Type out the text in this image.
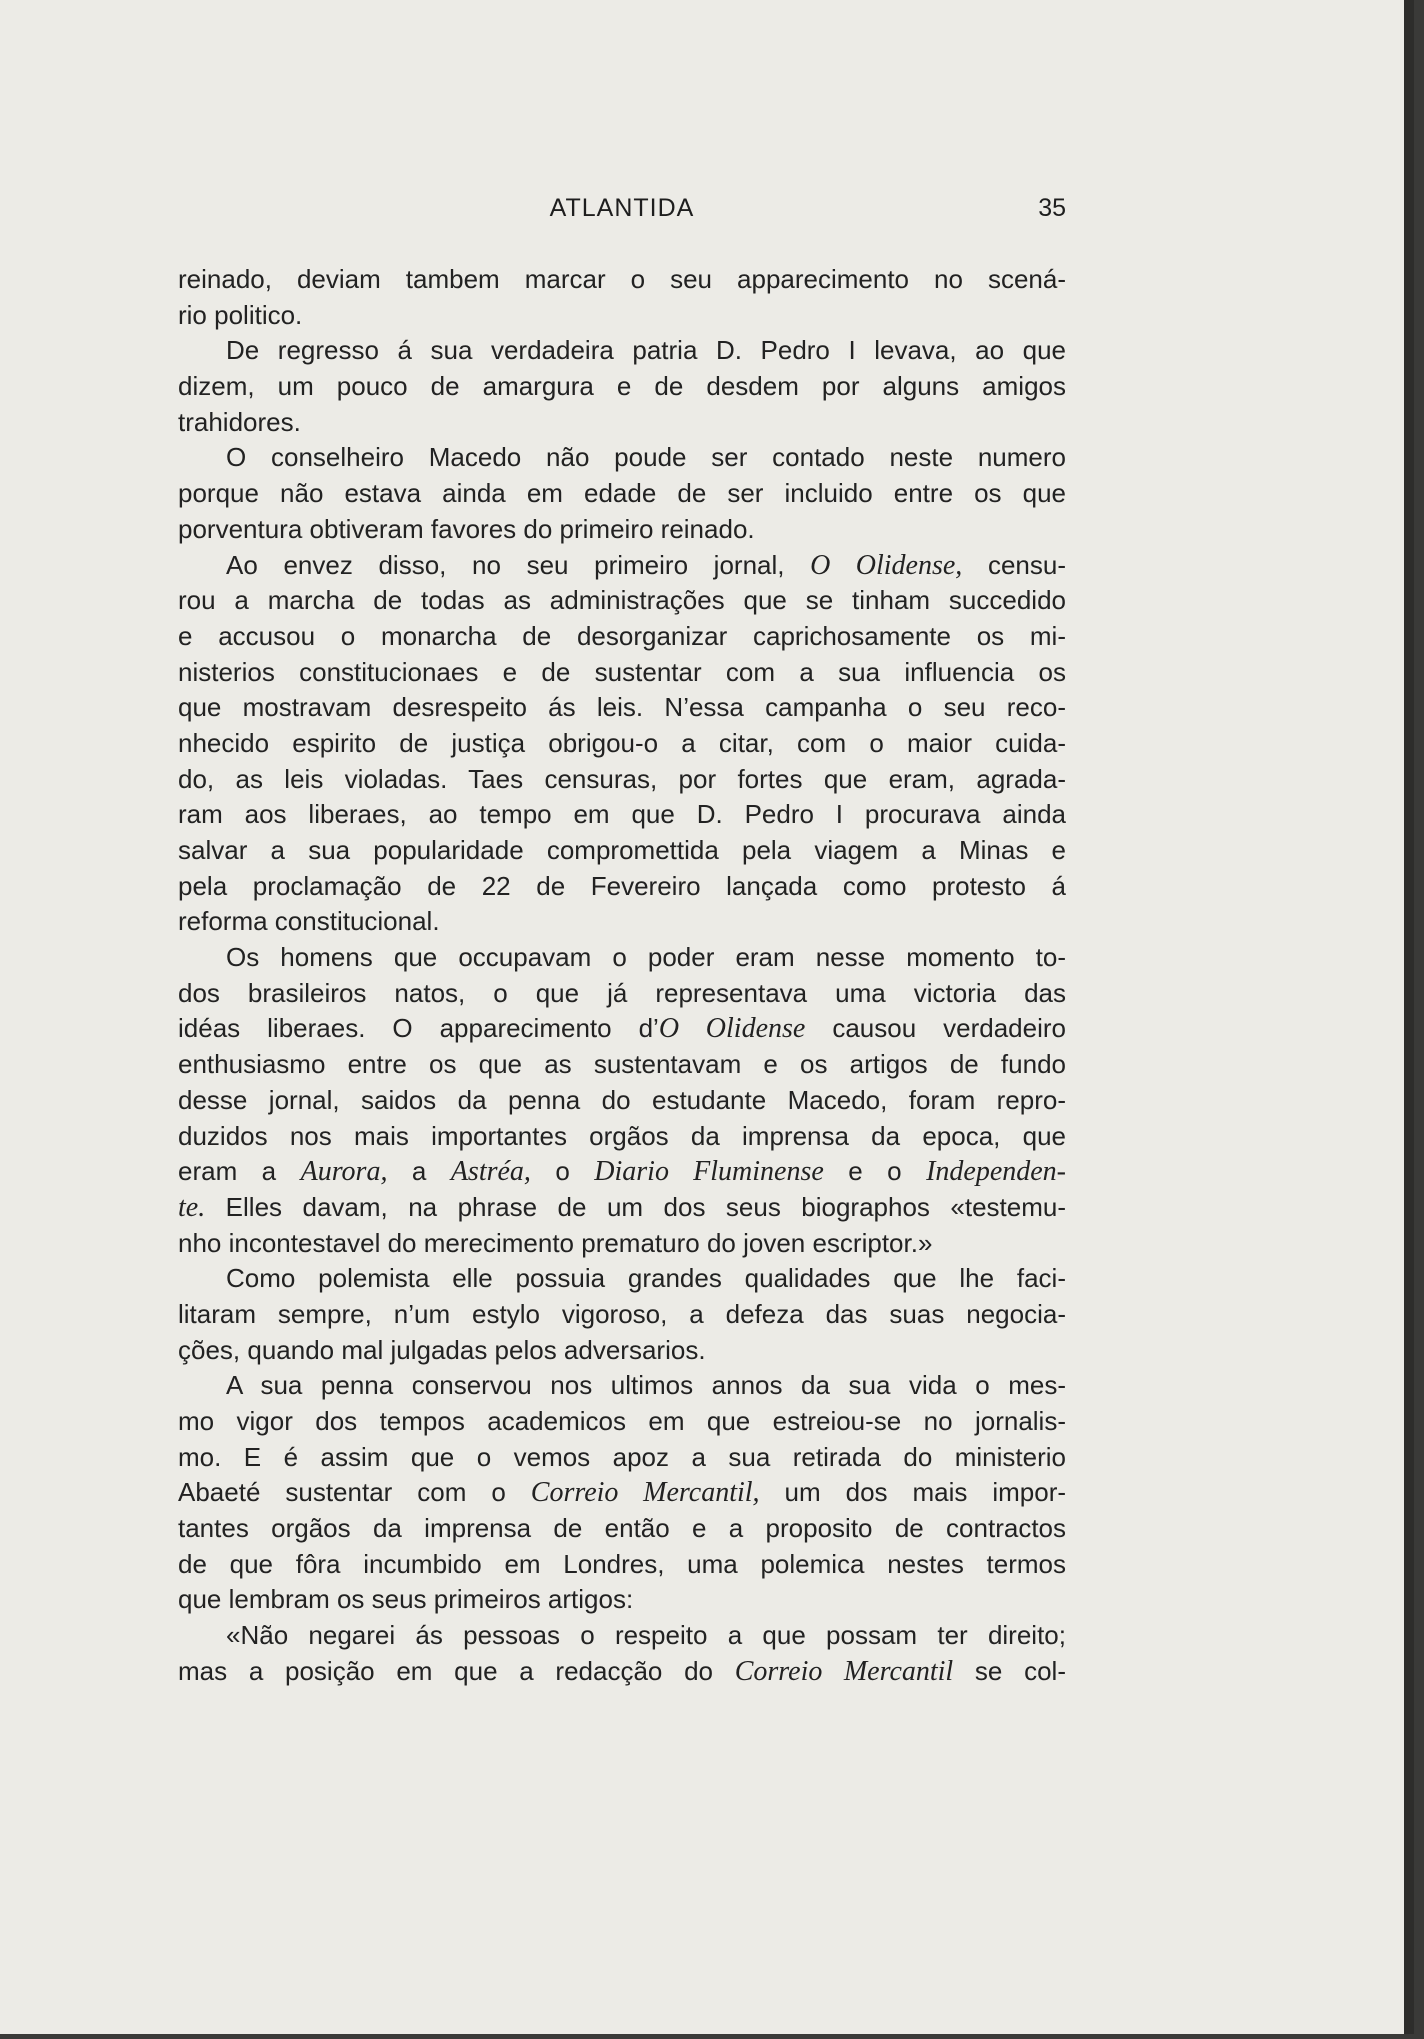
ATLANTIDA	35
reinado, deviam tambem marcar o seu apparecimento no scená-
rio politico.
De regresso á sua verdadeira patria D. Pedro I levava, ao que
dizem, um pouco de amargura e de desdem por alguns amigos
trahidores.
O conselheiro Macedo não poude ser contado neste numero
porque não estava ainda em edade de ser incluido entre os que
porventura obtiveram favores do primeiro reinado.
Ao envez disso, no seu primeiro jornal, O Olidense, censu-
rou a marcha de todas as administrações que se tinham succedido
e accusou o monarcha de desorganizar caprichosamente os mi-
nisterios constitucionaes e de sustentar com a sua influencia os
que mostravam desrespeito ás leis. N’essa campanha o seu reco-
nhecido espirito de justiça obrigou-o a citar, com o maior cuida-
do, as leis violadas. Taes censuras, por fortes que eram, agrada-
ram aos liberaes, ao tempo em que D. Pedro I procurava ainda
salvar a sua popularidade compromettida pela viagem a Minas e
pela proclamação de 22 de Fevereiro lançada como protesto á
reforma constitucional.
Os homens que occupavam o poder eram nesse momento to-
dos brasileiros natos, o que já representava uma victoria das
idéas liberaes. O apparecimento d’O Olidense causou verdadeiro
enthusiasmo entre os que as sustentavam e os artigos de fundo
desse jornal, saidos da penna do estudante Macedo, foram repro-
duzidos nos mais importantes orgãos da imprensa da epoca, que
eram a Aurora, a Astréa, o Diario Fluminense e o Independen-
te. Elles davam, na phrase de um dos seus biographos «testemu-
nho incontestavel do merecimento prematuro do joven escriptor.»
Como polemista elle possuia grandes qualidades que lhe faci-
litaram sempre, n’um estylo vigoroso, a defeza das suas negocia-
ções, quando mal julgadas pelos adversarios.
A sua penna conservou nos ultimos annos da sua vida o mes-
mo vigor dos tempos academicos em que estreiou-se no jornalis-
mo. E é assim que o vemos apoz a sua retirada do ministerio
Abaeté sustentar com o Correio Mercantil, um dos mais impor-
tantes orgãos da imprensa de então e a proposito de contractos
de que fôra incumbido em Londres, uma polemica nestes termos
que lembram os seus primeiros artigos:
«Não negarei ás pessoas o respeito a que possam ter direito;
mas a posição em que a redacção do Correio Mercantil se col-
